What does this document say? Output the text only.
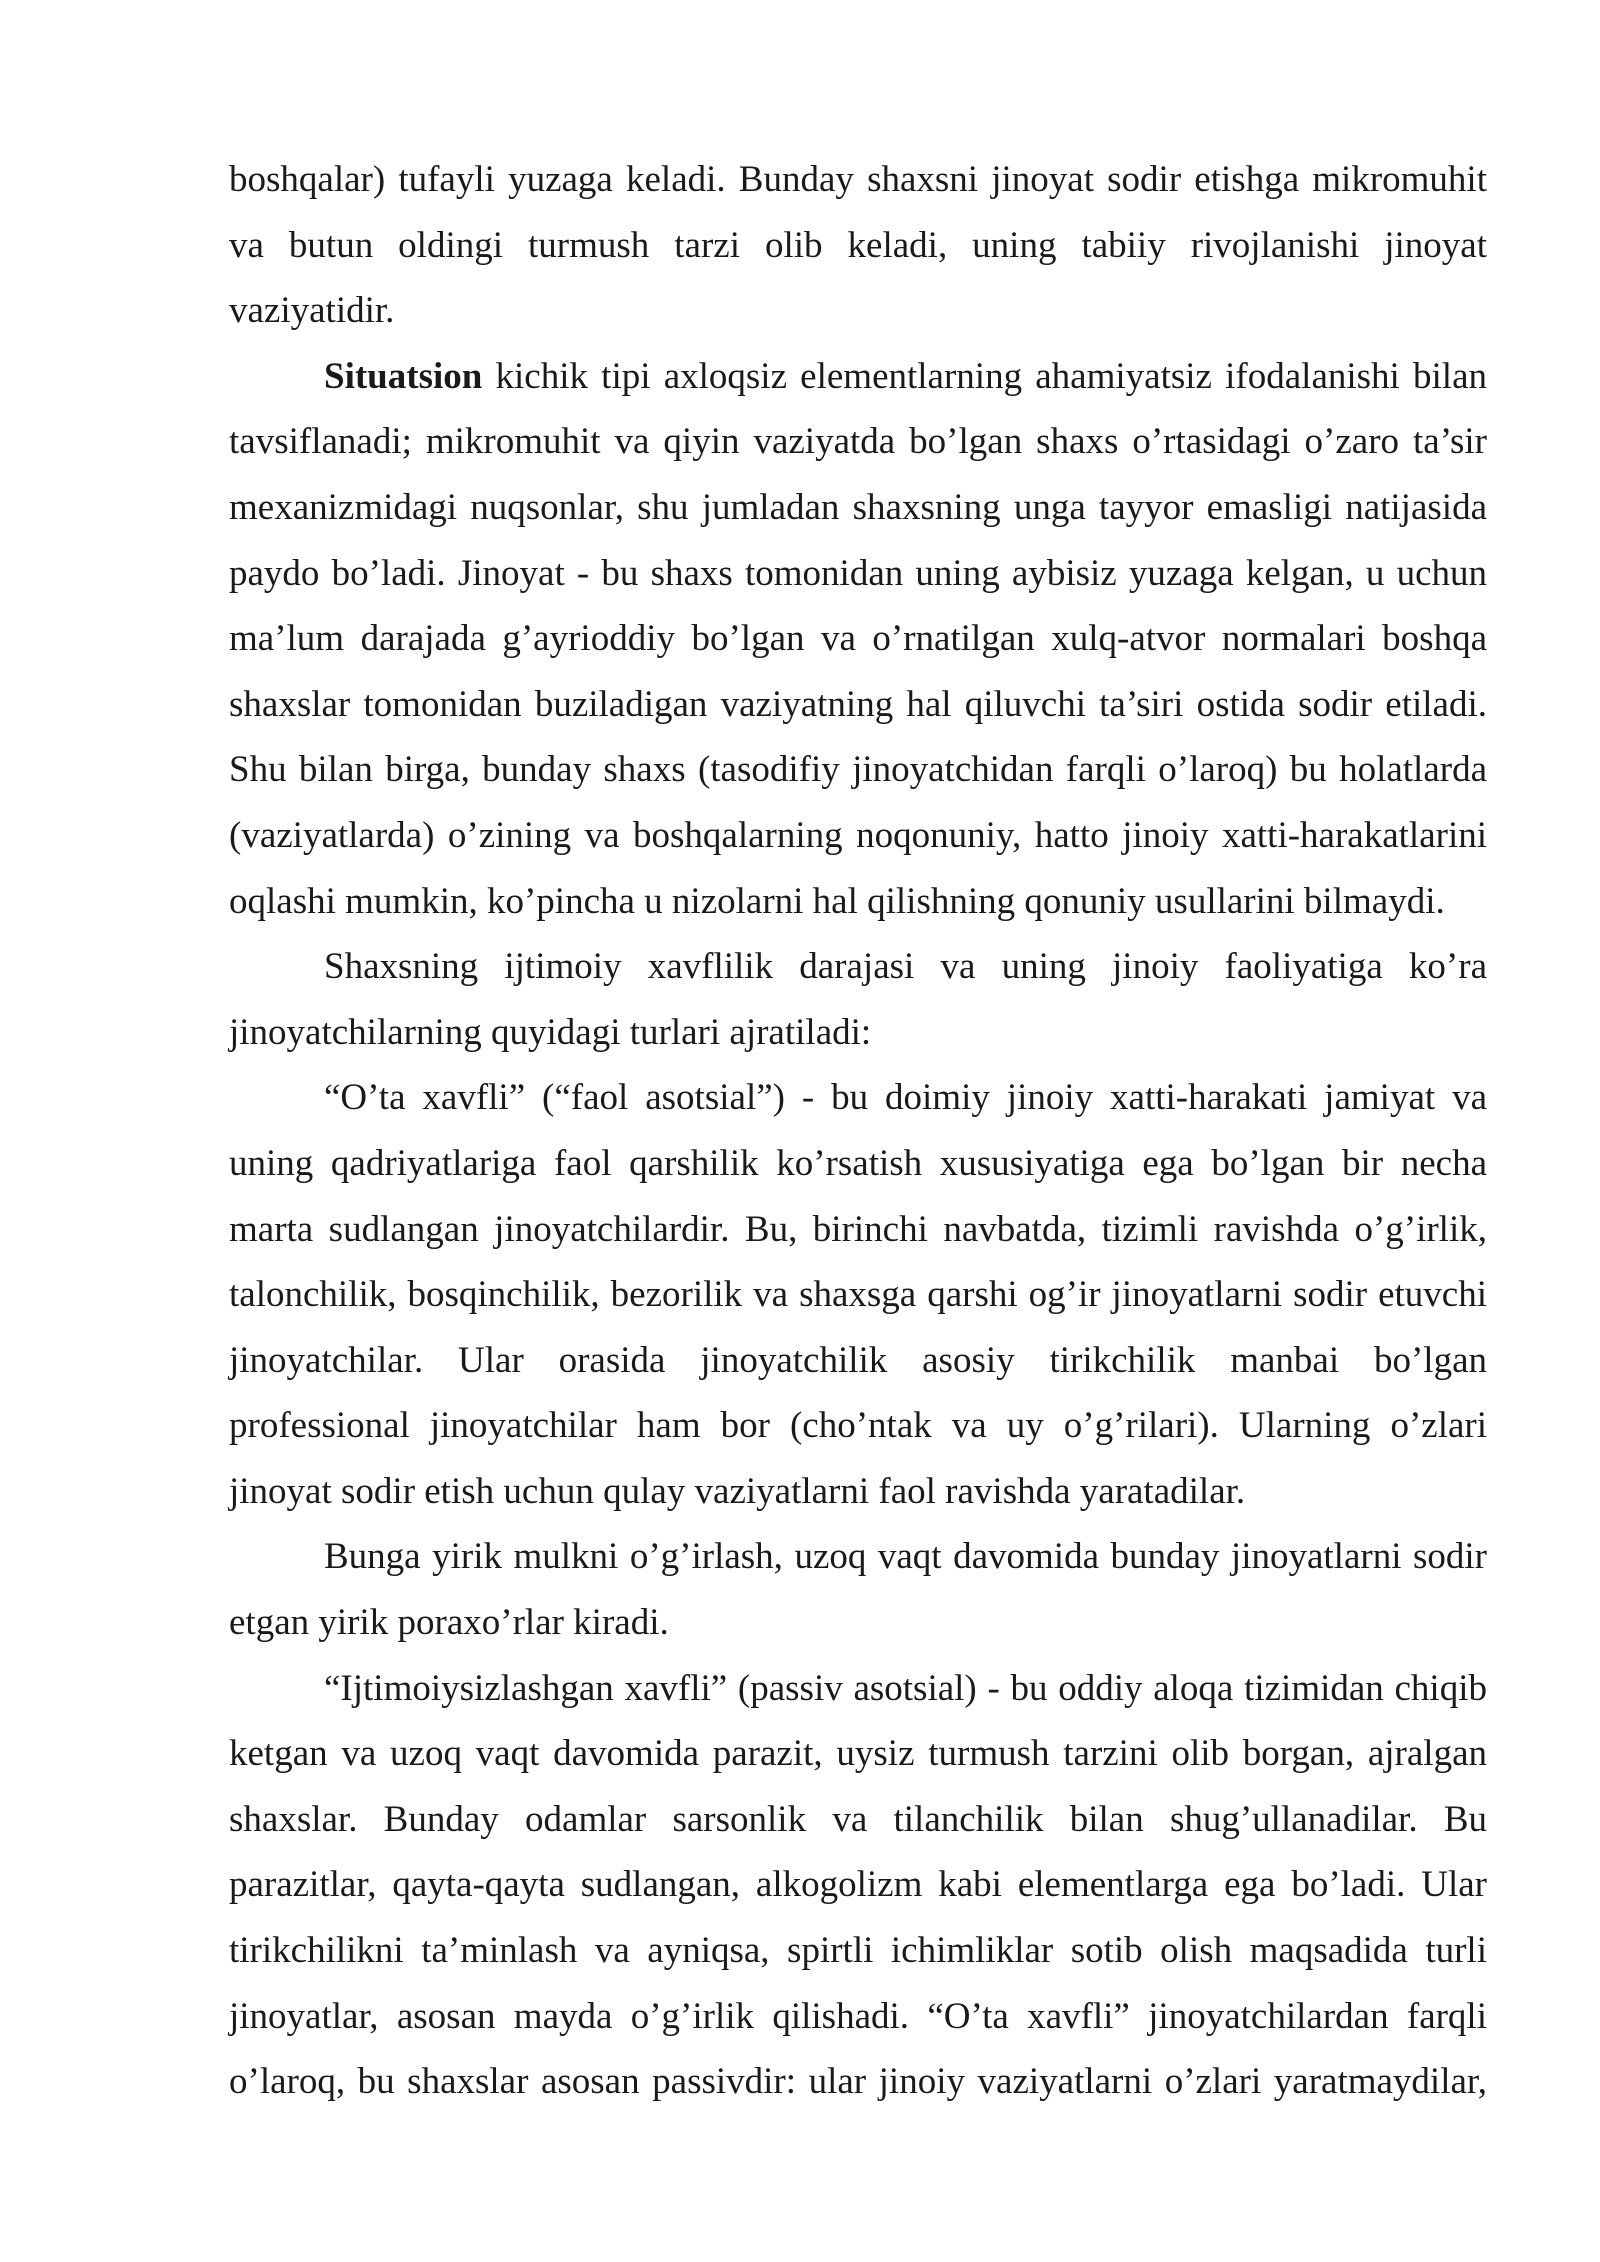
boshqalar) tufayli yuzaga keladi. Bunday shaxsni jinoyat sodir etishga mikromuhit va butun oldingi turmush tarzi olib keladi, uning tabiiy rivojlanishi jinoyat vaziyatidir.

Situatsion kichik tipi axloqsiz elementlarning ahamiyatsiz ifodalanishi bilan tavsiflanadi; mikromuhit va qiyin vaziyatda bo’lgan shaxs o’rtasidagi o’zaro ta’sir mexanizmidagi nuqsonlar, shu jumladan shaxsning unga tayyor emasligi natijasida paydo bo’ladi. Jinoyat - bu shaxs tomonidan uning aybisiz yuzaga kelgan, u uchun ma’lum darajada g’ayrioddiy bo’lgan va o’rnatilgan xulq-atvor normalari boshqa shaxslar tomonidan buziladigan vaziyatning hal qiluvchi ta’siri ostida sodir etiladi. Shu bilan birga, bunday shaxs (tasodifiy jinoyatchidan farqli o’laroq) bu holatlarda (vaziyatlarda) o’zining va boshqalarning noqonuniy, hatto jinoiy xatti-harakatlarini oqlashi mumkin, ko’pincha u nizolarni hal qilishning qonuniy usullarini bilmaydi.

Shaxsning ijtimoiy xavflilik darajasi va uning jinoiy faoliyatiga ko’ra jinoyatchilarning quyidagi turlari ajratiladi:

“O’ta xavfli” (“faol asotsial”) - bu doimiy jinoiy xatti-harakati jamiyat va uning qadriyatlariga faol qarshilik ko’rsatish xususiyatiga ega bo’lgan bir necha marta sudlangan jinoyatchilardir. Bu, birinchi navbatda, tizimli ravishda o’g’irlik, talonchilik, bosqinchilik, bezorilik va shaxsga qarshi og’ir jinoyatlarni sodir etuvchi jinoyatchilar. Ular orasida jinoyatchilik asosiy tirikchilik manbai bo’lgan professional jinoyatchilar ham bor (cho’ntak va uy o’g’rilari). Ularning o’zlari jinoyat sodir etish uchun qulay vaziyatlarni faol ravishda yaratadilar.

Bunga yirik mulkni o’g’irlash, uzoq vaqt davomida bunday jinoyatlarni sodir etgan yirik poraxo’rlar kiradi.

“Ijtimoiysizlashgan xavfli” (passiv asotsial) - bu oddiy aloqa tizimidan chiqib ketgan va uzoq vaqt davomida parazit, uysiz turmush tarzini olib borgan, ajralgan shaxslar. Bunday odamlar sarsonlik va tilanchilik bilan shug’ullanadilar. Bu parazitlar, qayta-qayta sudlangan, alkogolizm kabi elementlarga ega bo’ladi. Ular tirikchilikni ta’minlash va ayniqsa, spirtli ichimliklar sotib olish maqsadida turli jinoyatlar, asosan mayda o’g’irlik qilishadi. “O’ta xavfli” jinoyatchilardan farqli o’laroq, bu shaxslar asosan passivdir: ular jinoiy vaziyatlarni o’zlari yaratmaydilar,
